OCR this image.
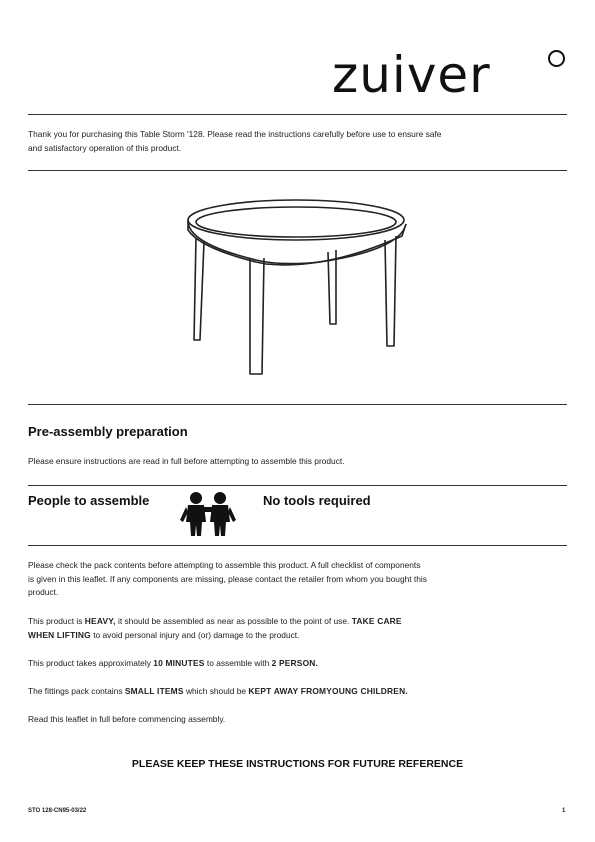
zuiver
Thank you for purchasing this Table Storm '128. Please read the instructions carefully before use to ensure safe
and satisfactory operation of this product.
Pre-assembly preparation
Please ensure instructions are read in full before attempting to assemble this product.
People to assemble	No tools required
Please check the pack contents before attempting to assemble this product. A full checklist of components
is given in this leaflet. If any components are missing, please contact the retailer from whom you bought this
product.
This product is HEAVY, it should be assembled as near as possible to the point of use. TAKE CARE
WHEN LIFTING to avoid personal injury and (or) damage to the product.
This product takes approximately 10 MINUTES to assemble with 2 PERSON.
The fittings pack contains SMALL ITEMS which should be KEPT AWAY FROMYOUNG CHILDREN.
Read this leaflet in full before commencing assembly.
PLEASE KEEP THESE INSTRUCTIONS FOR FUTURE REFERENCE
STO 128-CN95-03/22	1
